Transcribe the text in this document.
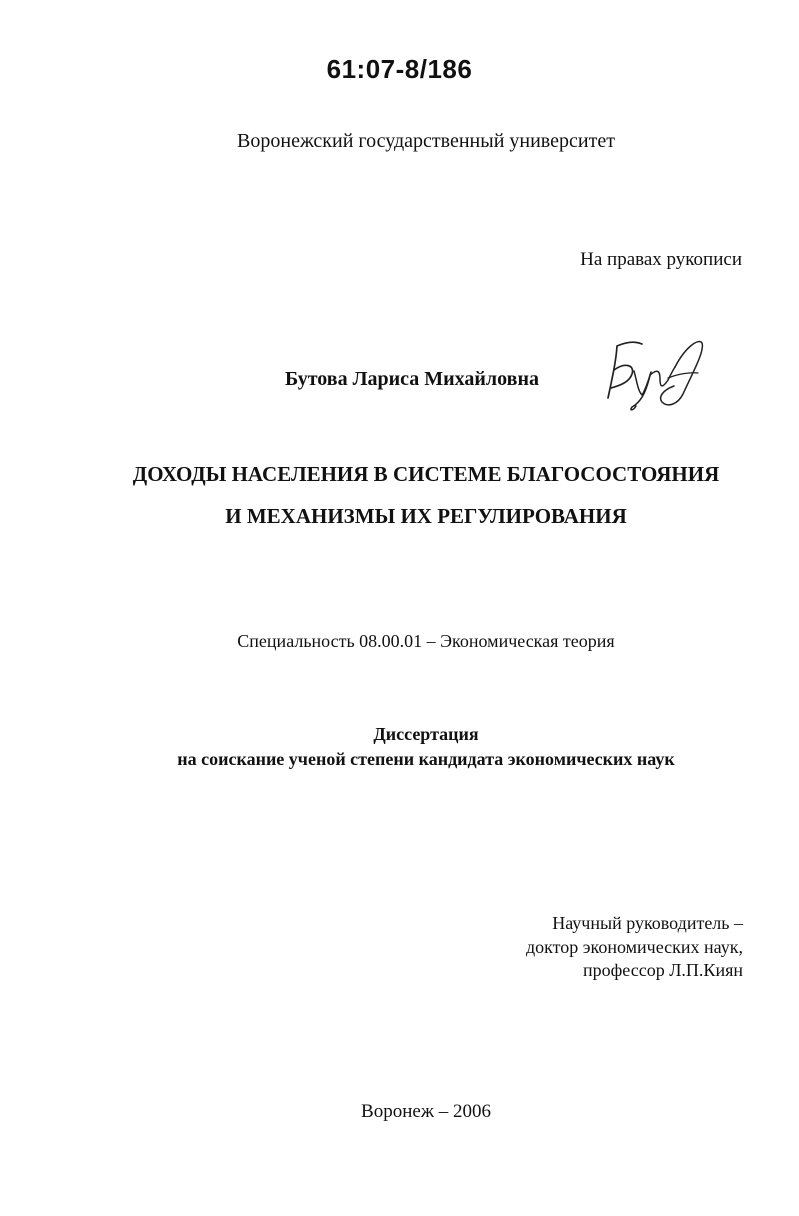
61:07-8/186
Воронежский государственный университет
На правах рукописи
Бутова Лариса Михайловна
ДОХОДЫ НАСЕЛЕНИЯ В СИСТЕМЕ БЛАГОСОСТОЯНИЯ
И МЕХАНИЗМЫ ИХ РЕГУЛИРОВАНИЯ
Специальность 08.00.01 – Экономическая теория
Диссертация
на соискание ученой степени кандидата экономических наук
Научный руководитель –
доктор экономических наук,
профессор Л.П.Киян
Воронеж – 2006
